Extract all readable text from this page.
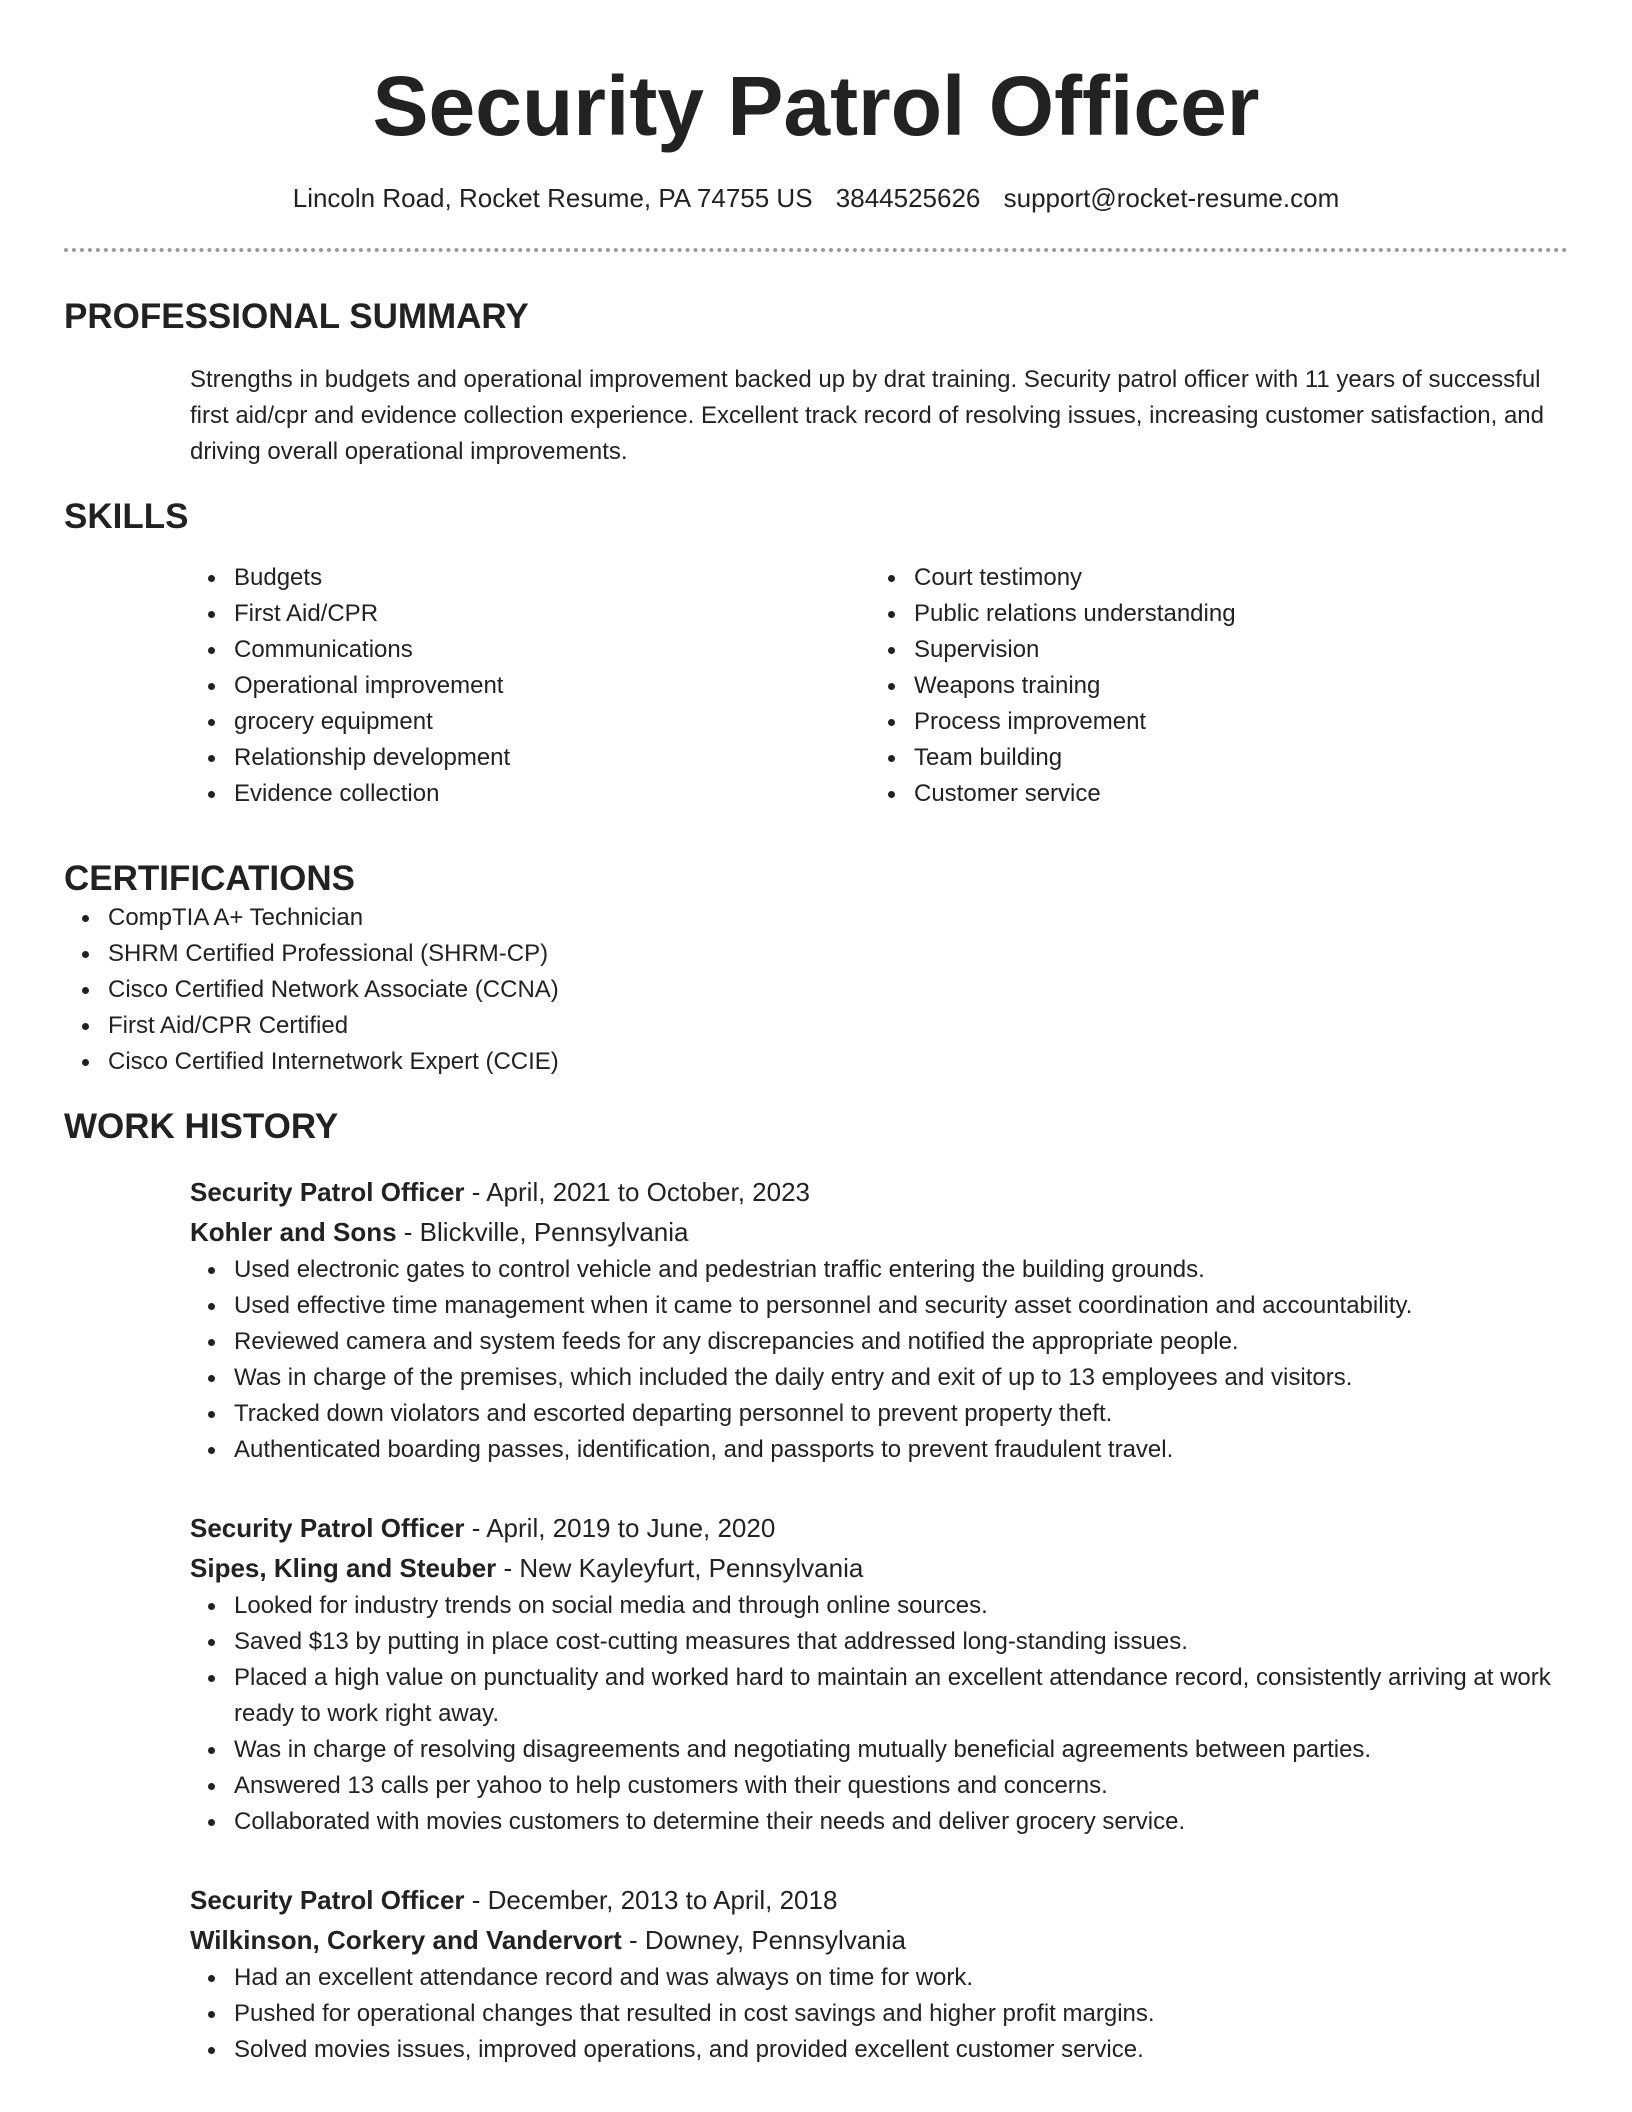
Security Patrol Officer
Lincoln Road, Rocket Resume, PA 74755 US 3844525626 support@rocket-resume.com
PROFESSIONAL SUMMARY

Strengths in budgets and operational improvement backed up by drat training. Security patrol officer with 11 years of successful first aid/cpr and evidence collection experience. Excellent track record of resolving issues, increasing customer satisfaction, and driving overall operational improvements.

SKILLS
Budgets
First Aid/CPR
Communications
Operational improvement
grocery equipment
Relationship development
Evidence collection
Court testimony
Public relations understanding
Supervision
Weapons training
Process improvement
Team building
Customer service
CERTIFICATIONS
CompTIA A+ Technician
SHRM Certified Professional (SHRM-CP)
Cisco Certified Network Associate (CCNA)
First Aid/CPR Certified
Cisco Certified Internetwork Expert (CCIE)
WORK HISTORY
Security Patrol Officer - April, 2021 to October, 2023
Kohler and Sons - Blickville, Pennsylvania
Used electronic gates to control vehicle and pedestrian traffic entering the building grounds.
Used effective time management when it came to personnel and security asset coordination and accountability.
Reviewed camera and system feeds for any discrepancies and notified the appropriate people.
Was in charge of the premises, which included the daily entry and exit of up to 13 employees and visitors.
Tracked down violators and escorted departing personnel to prevent property theft.
Authenticated boarding passes, identification, and passports to prevent fraudulent travel.
Security Patrol Officer - April, 2019 to June, 2020
Sipes, Kling and Steuber - New Kayleyfurt, Pennsylvania
Looked for industry trends on social media and through online sources.
Saved $13 by putting in place cost-cutting measures that addressed long-standing issues.
Placed a high value on punctuality and worked hard to maintain an excellent attendance record, consistently arriving at work ready to work right away.
Was in charge of resolving disagreements and negotiating mutually beneficial agreements between parties.
Answered 13 calls per yahoo to help customers with their questions and concerns.
Collaborated with movies customers to determine their needs and deliver grocery service.
Security Patrol Officer - December, 2013 to April, 2018
Wilkinson, Corkery and Vandervort - Downey, Pennsylvania
Had an excellent attendance record and was always on time for work.
Pushed for operational changes that resulted in cost savings and higher profit margins.
Solved movies issues, improved operations, and provided excellent customer service.
